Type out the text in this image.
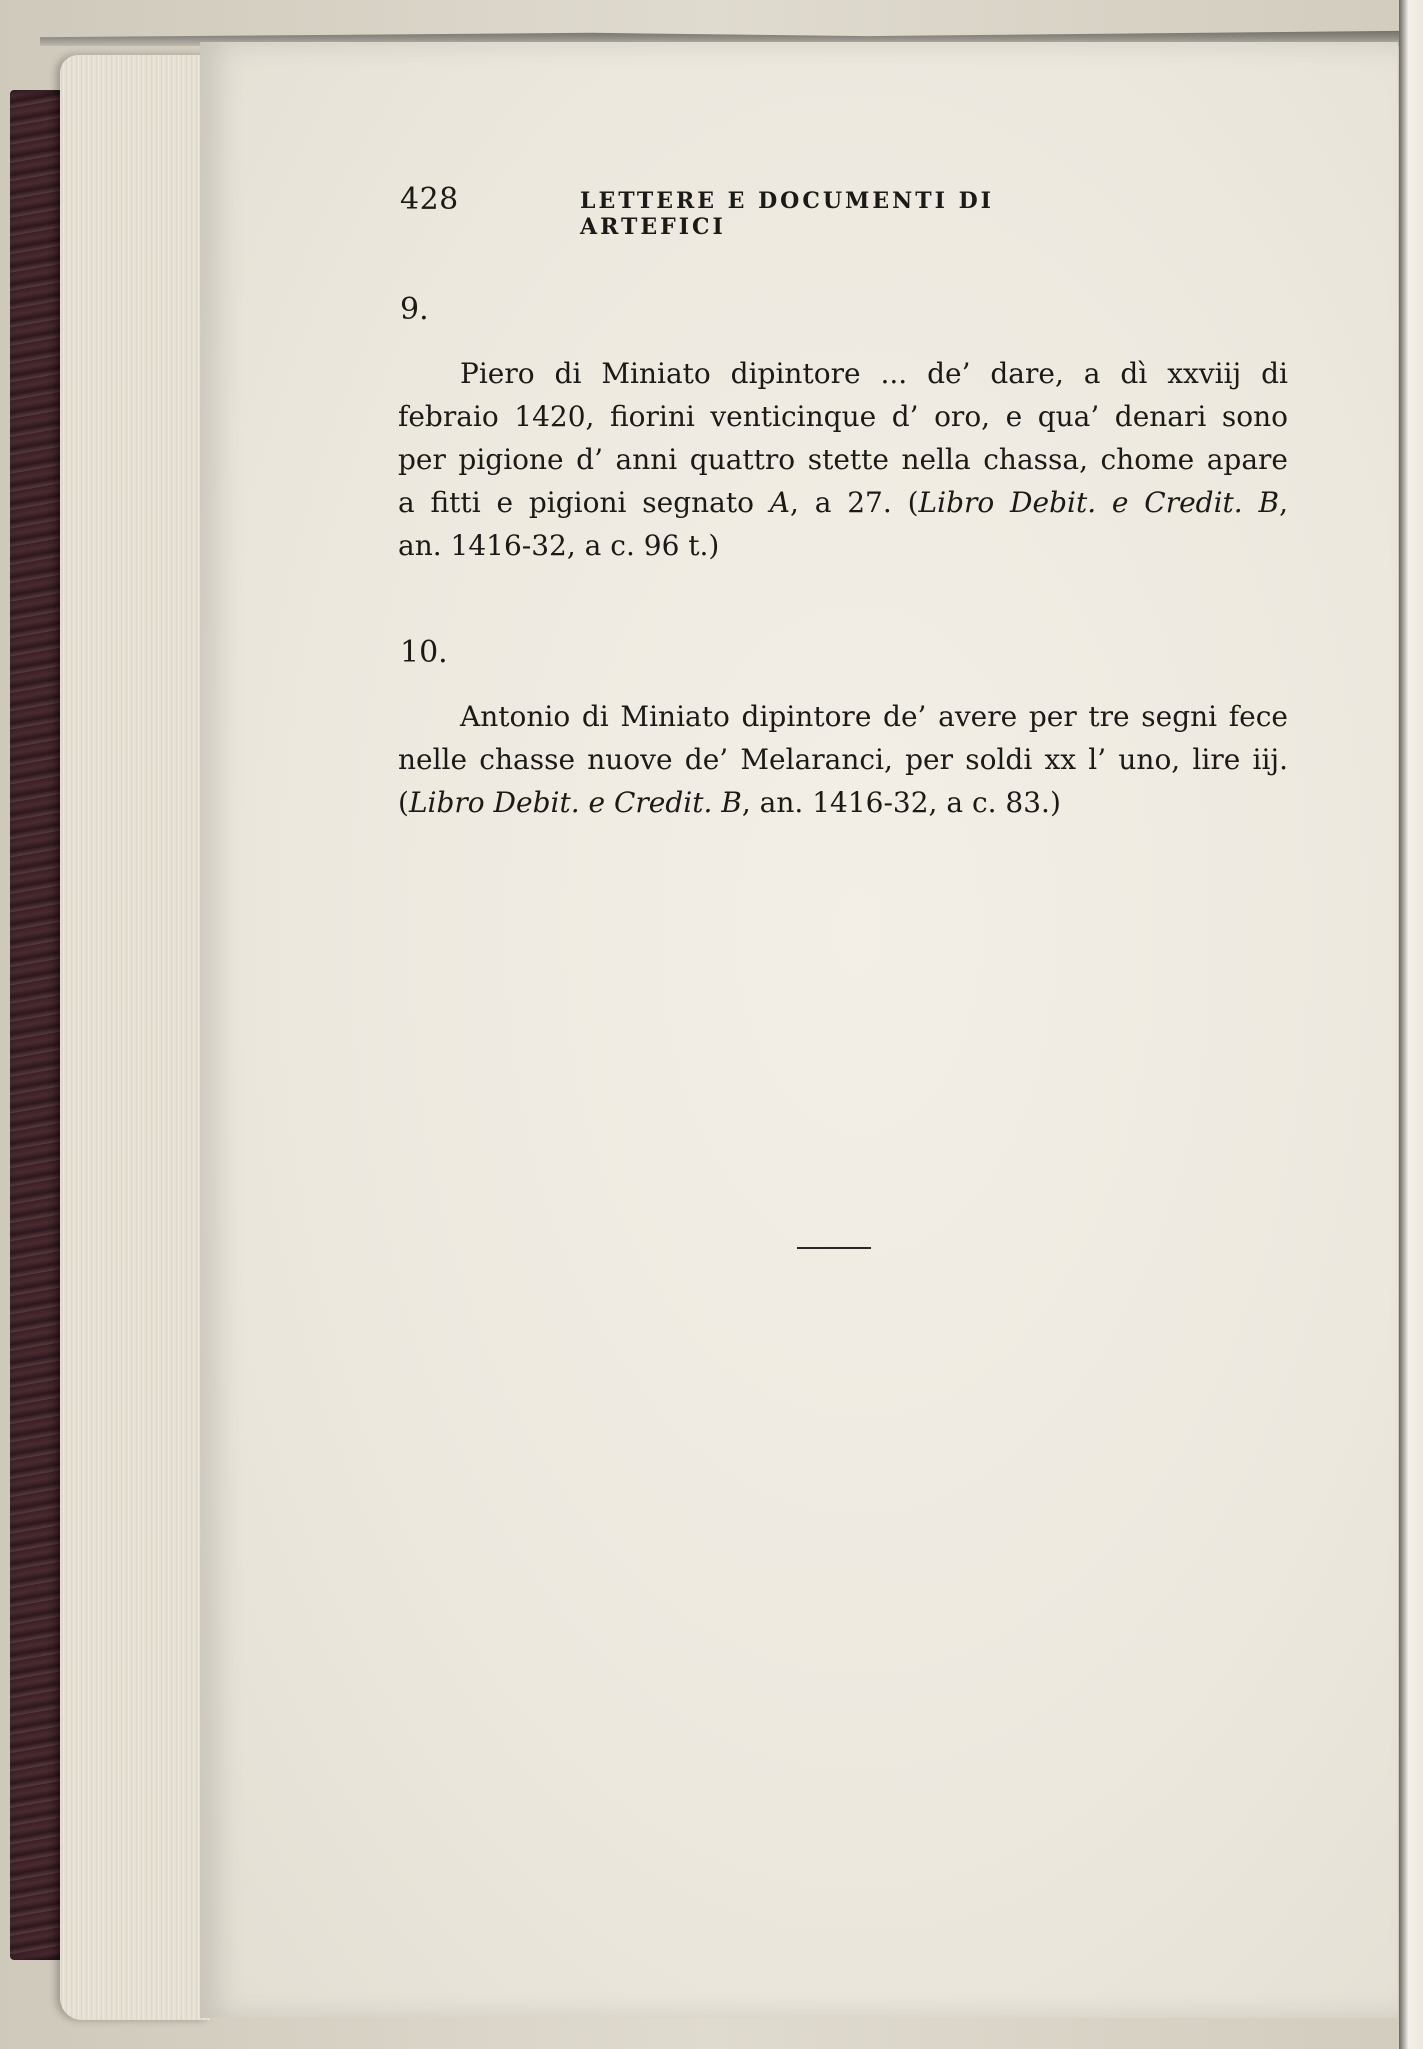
428	LETTERE E DOCUMENTI DI ARTEFICI
9.
Piero di Miniato dipintore ... de’ dare, a dì xxviij di
febraio 1420, fiorini venticinque d’ oro, e qua’ denari sono
per pigione d’ anni quattro stette nella chassa, chome apare
a fitti e pigioni segnato A, a 27. (Libro Debit. e Credit. B,
an. 1416-32, a c. 96 t.)
10.
Antonio di Miniato dipintore de’ avere per tre segni fece
nelle chasse nuove de’ Melaranci, per soldi xx l’ uno, lire iij.
(Libro Debit. e Credit. B, an. 1416-32, a c. 83.)
